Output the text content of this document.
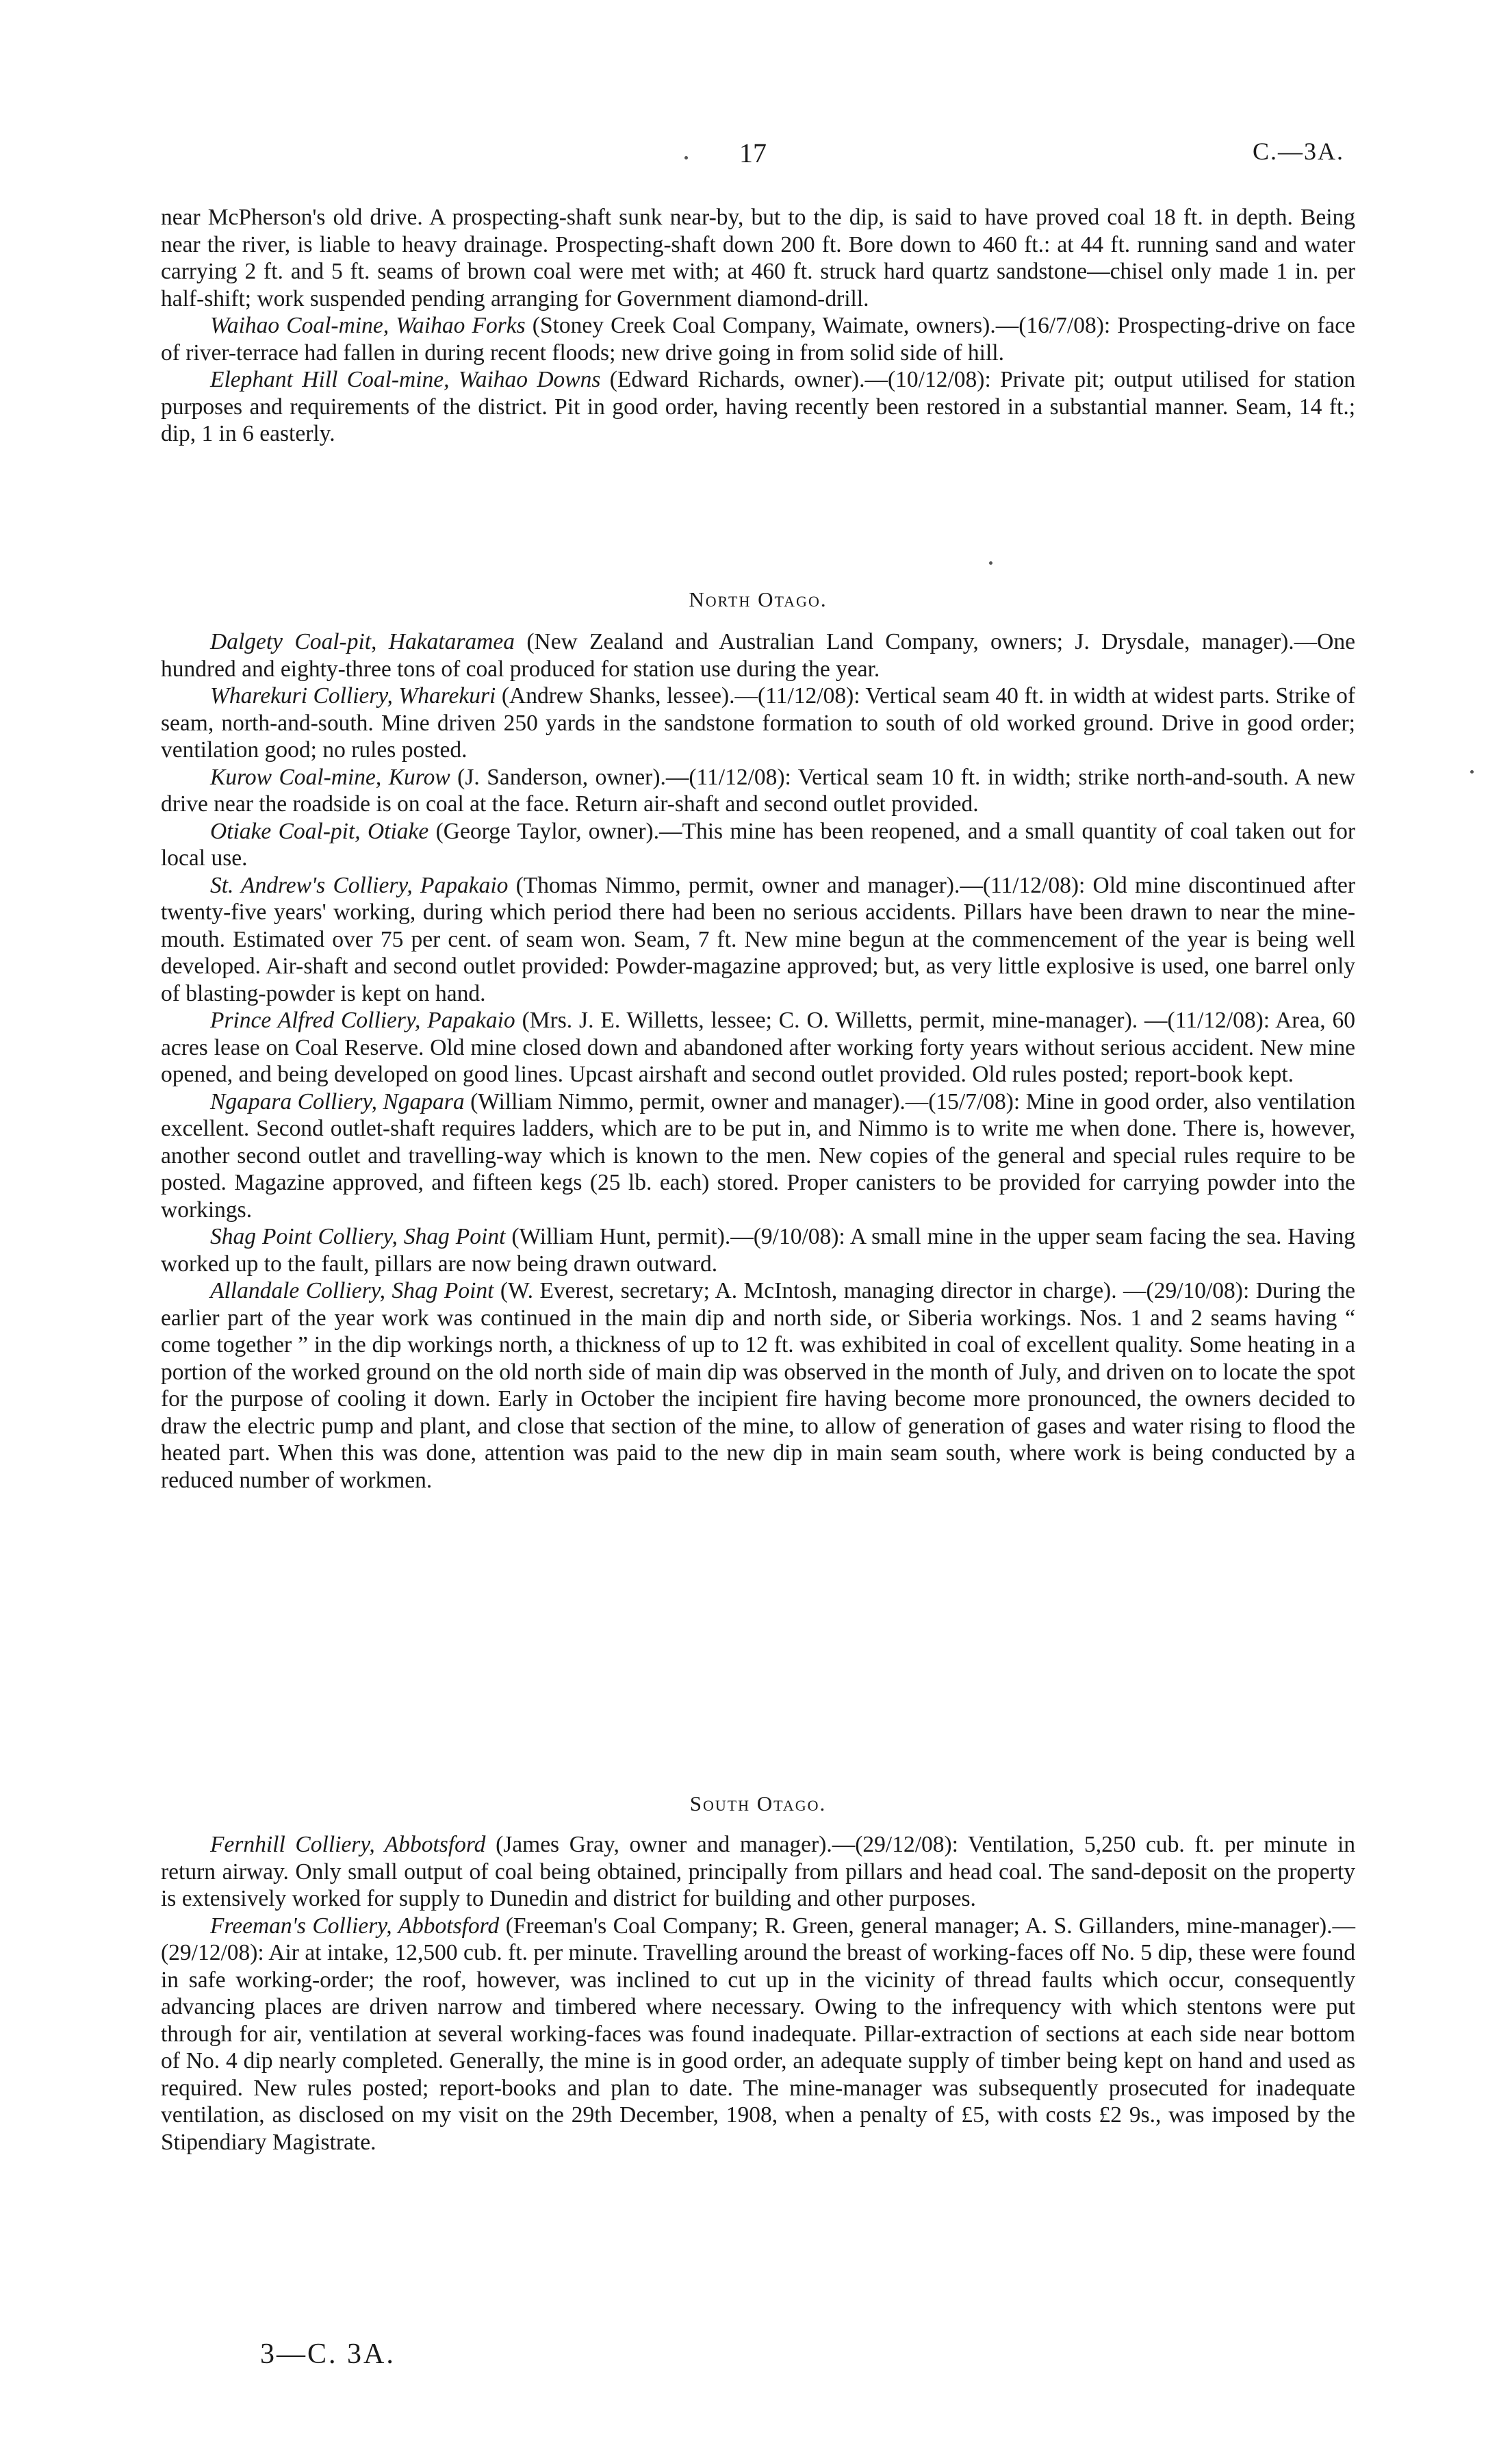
17	C.—3A.

near McPherson's old drive. A prospecting-shaft sunk near-by, but to the dip, is said to have proved coal 18 ft. in depth. Being near the river, is liable to heavy drainage. Prospecting-shaft down 200 ft. Bore down to 460 ft.: at 44 ft. running sand and water carrying 2 ft. and 5 ft. seams of brown coal were met with; at 460 ft. struck hard quartz sandstone—chisel only made 1 in. per half-shift; work suspended pending arranging for Government diamond-drill.

Waihao Coal-mine, Waihao Forks (Stoney Creek Coal Company, Waimate, owners).—(16/7/08): Prospecting-drive on face of river-terrace had fallen in during recent floods; new drive going in from solid side of hill.

Elephant Hill Coal-mine, Waihao Downs (Edward Richards, owner).—(10/12/08): Private pit; output utilised for station purposes and requirements of the district. Pit in good order, having recently been restored in a substantial manner. Seam, 14 ft.; dip, 1 in 6 easterly.

North Otago.

Dalgety Coal-pit, Hakataramea (New Zealand and Australian Land Company, owners; J. Drysdale, manager).—One hundred and eighty-three tons of coal produced for station use during the year.

Wharekuri Colliery, Wharekuri (Andrew Shanks, lessee).—(11/12/08): Vertical seam 40 ft. in width at widest parts. Strike of seam, north-and-south. Mine driven 250 yards in the sandstone formation to south of old worked ground. Drive in good order; ventilation good; no rules posted.

Kurow Coal-mine, Kurow (J. Sanderson, owner).—(11/12/08): Vertical seam 10 ft. in width; strike north-and-south. A new drive near the roadside is on coal at the face. Return air-shaft and second outlet provided.

Otiake Coal-pit, Otiake (George Taylor, owner).—This mine has been reopened, and a small quantity of coal taken out for local use.

St. Andrew's Colliery, Papakaio (Thomas Nimmo, permit, owner and manager).—(11/12/08): Old mine discontinued after twenty-five years' working, during which period there had been no serious accidents. Pillars have been drawn to near the mine-mouth. Estimated over 75 per cent. of seam won. Seam, 7 ft. New mine begun at the commencement of the year is being well developed. Air-shaft and second outlet provided: Powder-magazine approved; but, as very little explosive is used, one barrel only of blasting-powder is kept on hand.

Prince Alfred Colliery, Papakaio (Mrs. J. E. Willetts, lessee; C. O. Willetts, permit, mine-manager). —(11/12/08): Area, 60 acres lease on Coal Reserve. Old mine closed down and abandoned after working forty years without serious accident. New mine opened, and being developed on good lines. Upcast airshaft and second outlet provided. Old rules posted; report-book kept.

Ngapara Colliery, Ngapara (William Nimmo, permit, owner and manager).—(15/7/08): Mine in good order, also ventilation excellent. Second outlet-shaft requires ladders, which are to be put in, and Nimmo is to write me when done. There is, however, another second outlet and travelling-way which is known to the men. New copies of the general and special rules require to be posted. Magazine approved, and fifteen kegs (25 lb. each) stored. Proper canisters to be provided for carrying powder into the workings.

Shag Point Colliery, Shag Point (William Hunt, permit).—(9/10/08): A small mine in the upper seam facing the sea. Having worked up to the fault, pillars are now being drawn outward.

Allandale Colliery, Shag Point (W. Everest, secretary; A. McIntosh, managing director in charge). —(29/10/08): During the earlier part of the year work was continued in the main dip and north side, or Siberia workings. Nos. 1 and 2 seams having “ come together ” in the dip workings north, a thickness of up to 12 ft. was exhibited in coal of excellent quality. Some heating in a portion of the worked ground on the old north side of main dip was observed in the month of July, and driven on to locate the spot for the purpose of cooling it down. Early in October the incipient fire having become more pronounced, the owners decided to draw the electric pump and plant, and close that section of the mine, to allow of generation of gases and water rising to flood the heated part. When this was done, attention was paid to the new dip in main seam south, where work is being conducted by a reduced number of workmen.

South Otago.

Fernhill Colliery, Abbotsford (James Gray, owner and manager).—(29/12/08): Ventilation, 5,250 cub. ft. per minute in return airway. Only small output of coal being obtained, principally from pillars and head coal. The sand-deposit on the property is extensively worked for supply to Dunedin and district for building and other purposes.

Freeman's Colliery, Abbotsford (Freeman's Coal Company; R. Green, general manager; A. S. Gillanders, mine-manager).—(29/12/08): Air at intake, 12,500 cub. ft. per minute. Travelling around the breast of working-faces off No. 5 dip, these were found in safe working-order; the roof, however, was inclined to cut up in the vicinity of thread faults which occur, consequently advancing places are driven narrow and timbered where necessary. Owing to the infrequency with which stentons were put through for air, ventilation at several working-faces was found inadequate. Pillar-extraction of sections at each side near bottom of No. 4 dip nearly completed. Generally, the mine is in good order, an adequate supply of timber being kept on hand and used as required. New rules posted; report-books and plan to date. The mine-manager was subsequently prosecuted for inadequate ventilation, as disclosed on my visit on the 29th December, 1908, when a penalty of £5, with costs £2 9s., was imposed by the Stipendiary Magistrate.

3—C. 3A.
